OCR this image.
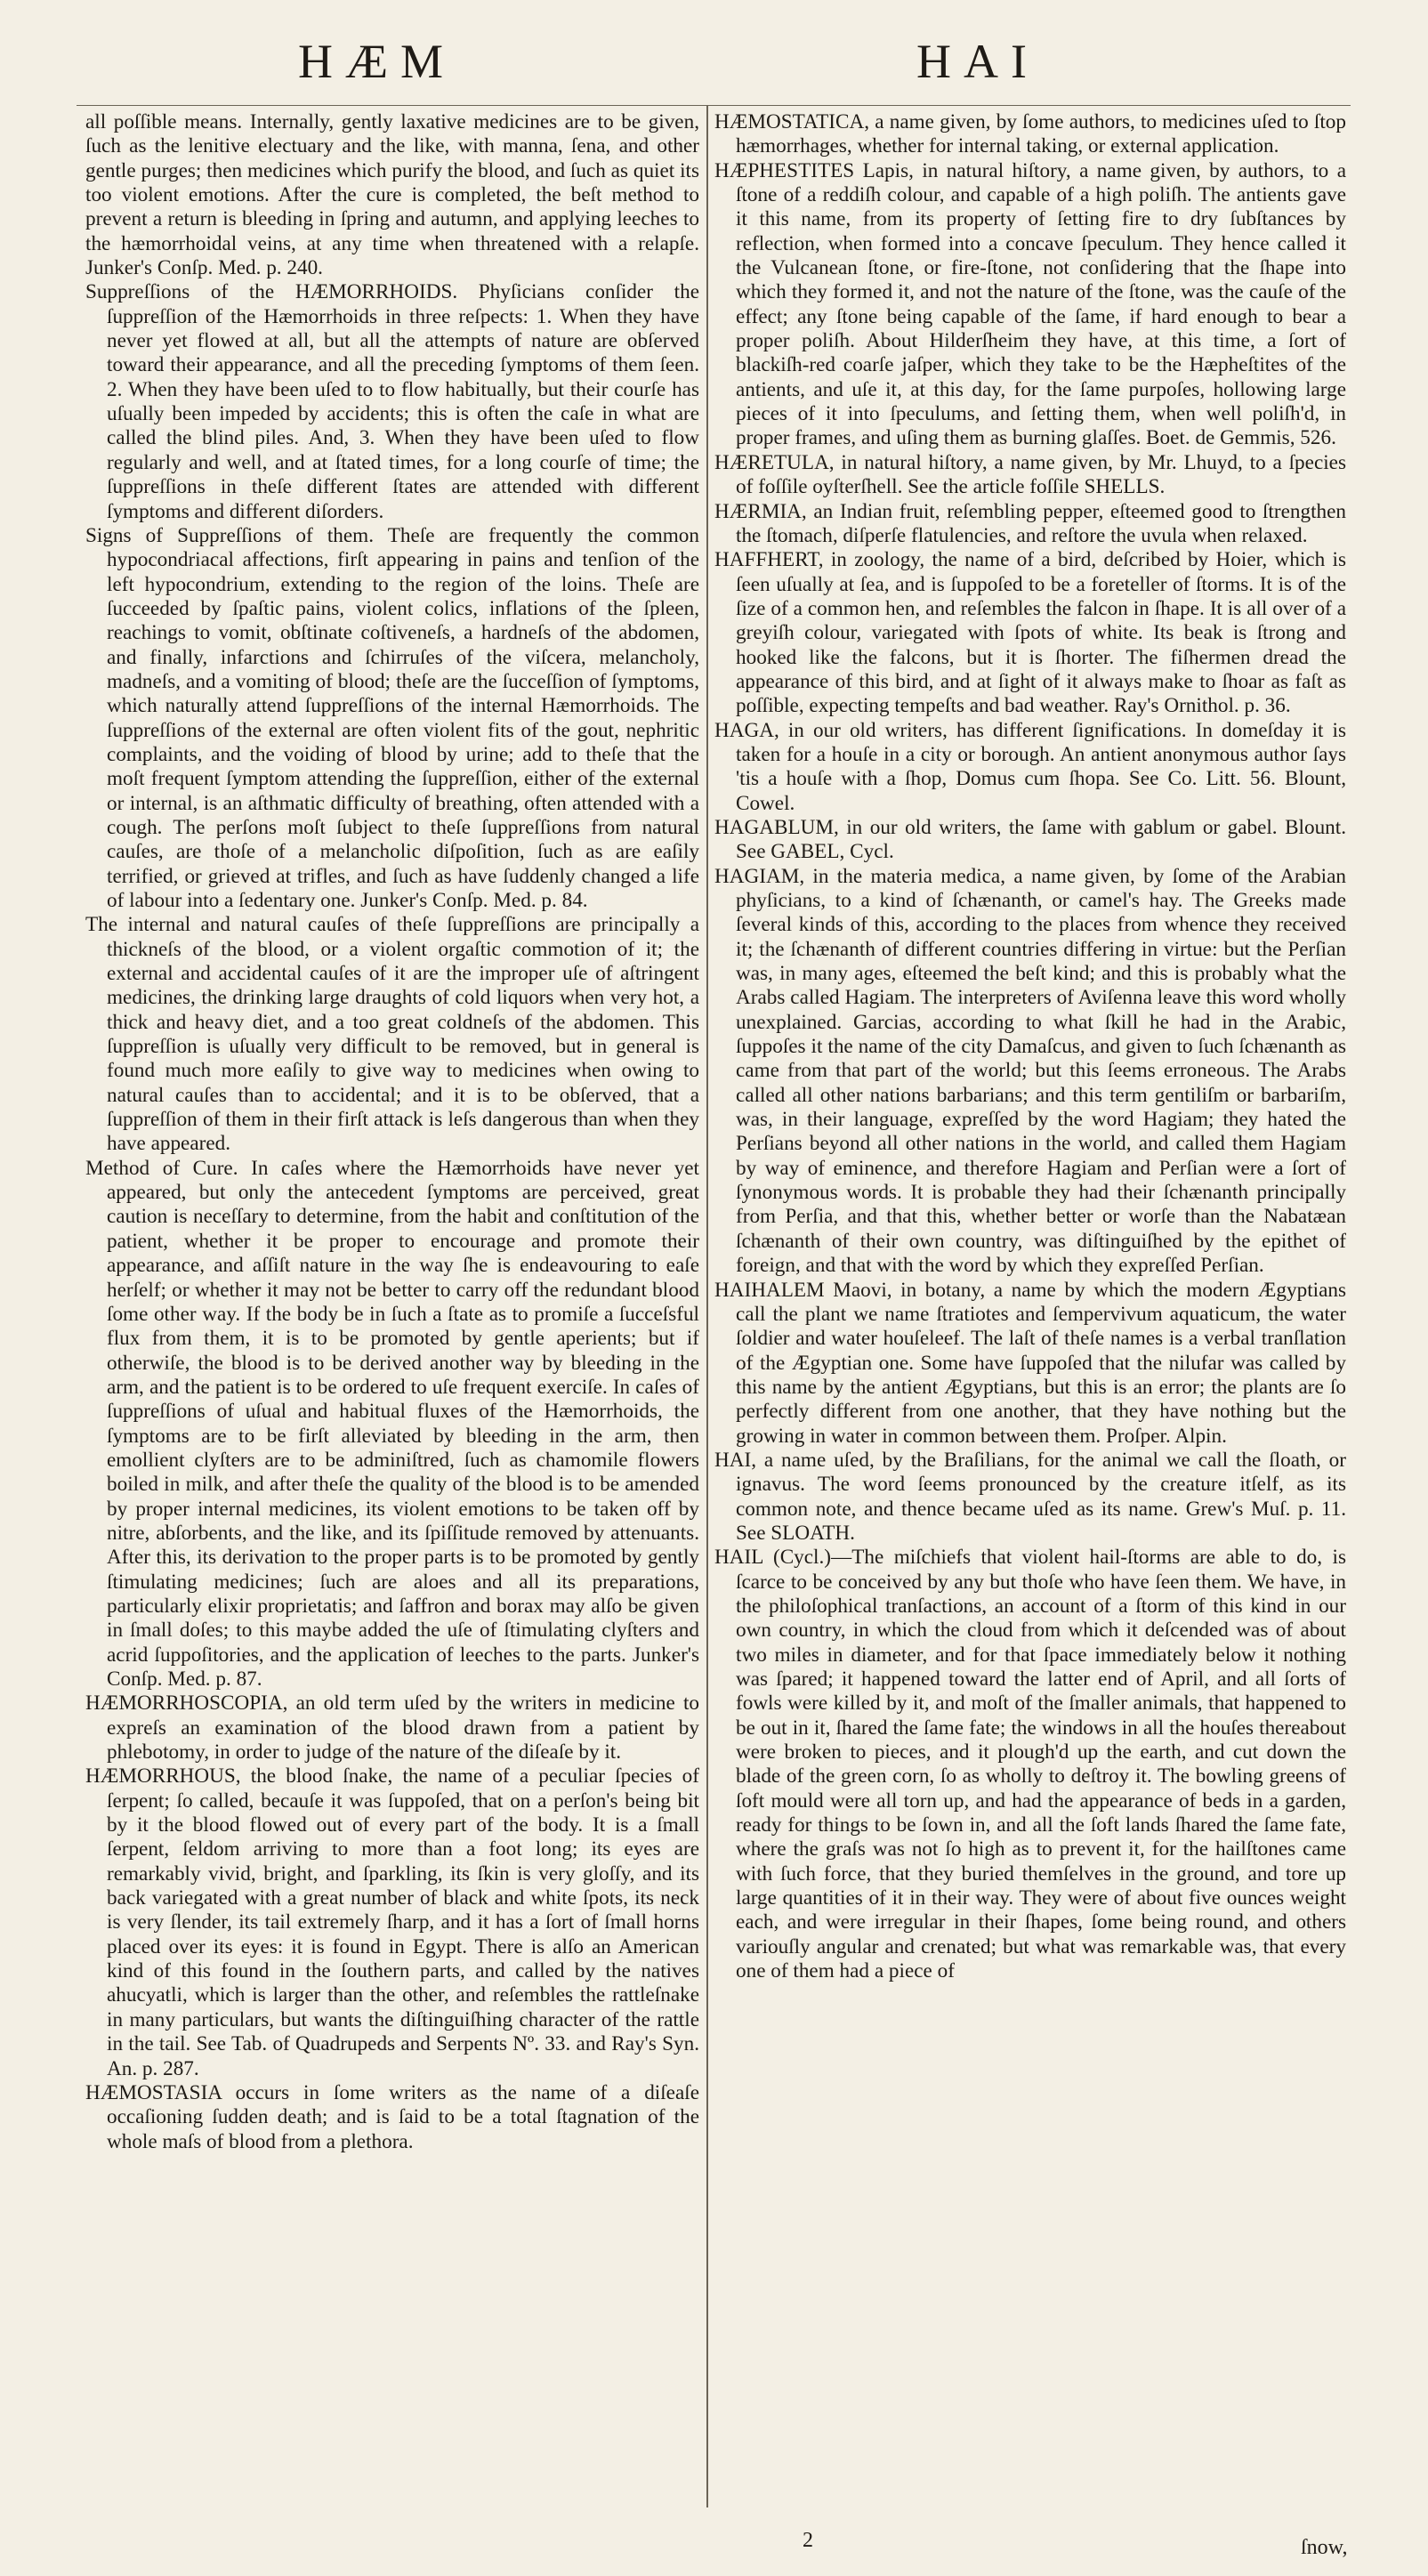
HÆM	HAI

all poſſible means. Internally, gently laxative medicines are to be given, ſuch as the lenitive electuary and the like, with manna, ſena, and other gentle purges; then medicines which purify the blood, and ſuch as quiet its too violent emotions. After the cure is completed, the beſt method to prevent a return is bleeding in ſpring and autumn, and applying leeches to the hæmorrhoidal veins, at any time when threatened with a relapſe. Junker's Conſp. Med. p. 240.

Suppreſſions of the HÆMORRHOIDS. Phyſicians conſider the ſuppreſſion of the Hæmorrhoids in three reſpects: 1. When they have never yet flowed at all, but all the attempts of nature are obſerved toward their appearance, and all the preceding ſymptoms of them ſeen. 2. When they have been uſed to to flow habitually, but their courſe has uſually been impeded by accidents; this is often the caſe in what are called the blind piles. And, 3. When they have been uſed to flow regularly and well, and at ſtated times, for a long courſe of time; the ſuppreſſions in theſe different ſtates are attended with different ſymptoms and different diſorders.

Signs of Suppreſſions of them. Theſe are frequently the common hypocondriacal affections, firſt appearing in pains and tenſion of the left hypocondrium, extending to the region of the loins. Theſe are ſucceeded by ſpaſtic pains, violent colics, inflations of the ſpleen, reachings to vomit, obſtinate coſtiveneſs, a hardneſs of the abdomen, and finally, infarctions and ſchirruſes of the viſcera, melancholy, madneſs, and a vomiting of blood; theſe are the ſucceſſion of ſymptoms, which naturally attend ſuppreſſions of the internal Hæmorrhoids. The ſuppreſſions of the external are often violent fits of the gout, nephritic complaints, and the voiding of blood by urine; add to theſe that the moſt frequent ſymptom attending the ſuppreſſion, either of the external or internal, is an aſthmatic difficulty of breathing, often attended with a cough. The perſons moſt ſubject to theſe ſuppreſſions from natural cauſes, are thoſe of a melancholic diſpoſition, ſuch as are eaſily terrified, or grieved at trifles, and ſuch as have ſuddenly changed a life of labour into a ſedentary one. Junker's Conſp. Med. p. 84.

The internal and natural cauſes of theſe ſuppreſſions are principally a thickneſs of the blood, or a violent orgaſtic commotion of it; the external and accidental cauſes of it are the improper uſe of aſtringent medicines, the drinking large draughts of cold liquors when very hot, a thick and heavy diet, and a too great coldneſs of the abdomen. This ſuppreſſion is uſually very difficult to be removed, but in general is found much more eaſily to give way to medicines when owing to natural cauſes than to accidental; and it is to be obſerved, that a ſuppreſſion of them in their firſt attack is leſs dangerous than when they have appeared.

Method of Cure. In caſes where the Hæmorrhoids have never yet appeared, but only the antecedent ſymptoms are perceived, great caution is neceſſary to determine, from the habit and conſtitution of the patient, whether it be proper to encourage and promote their appearance, and aſſiſt nature in the way ſhe is endeavouring to eaſe herſelf; or whether it may not be better to carry off the redundant blood ſome other way. If the body be in ſuch a ſtate as to promiſe a ſucceſsful flux from them, it is to be promoted by gentle aperients; but if otherwiſe, the blood is to be derived another way by bleeding in the arm, and the patient is to be ordered to uſe frequent exerciſe. In caſes of ſuppreſſions of uſual and habitual fluxes of the Hæmorrhoids, the ſymptoms are to be firſt alleviated by bleeding in the arm, then emollient clyſters are to be adminiſtred, ſuch as chamomile flowers boiled in milk, and after theſe the quality of the blood is to be amended by proper internal medicines, its violent emotions to be taken off by nitre, abſorbents, and the like, and its ſpiſſitude removed by attenuants. After this, its derivation to the proper parts is to be promoted by gently ſtimulating medicines; ſuch are aloes and all its preparations, particularly elixir proprietatis; and ſaffron and borax may alſo be given in ſmall doſes; to this maybe added the uſe of ſtimulating clyſters and acrid ſuppoſitories, and the application of leeches to the parts. Junker's Conſp. Med. p. 87.

HÆMORRHOSCOPIA, an old term uſed by the writers in medicine to expreſs an examination of the blood drawn from a patient by phlebotomy, in order to judge of the nature of the diſeaſe by it.

HÆMORRHOUS, the blood ſnake, the name of a peculiar ſpecies of ſerpent; ſo called, becauſe it was ſuppoſed, that on a perſon's being bit by it the blood flowed out of every part of the body. It is a ſmall ſerpent, ſeldom arriving to more than a foot long; its eyes are remarkably vivid, bright, and ſparkling, its ſkin is very gloſſy, and its back variegated with a great number of black and white ſpots, its neck is very ſlender, its tail extremely ſharp, and it has a ſort of ſmall horns placed over its eyes: it is found in Egypt. There is alſo an American kind of this found in the ſouthern parts, and called by the natives ahucyatli, which is larger than the other, and reſembles the rattleſnake in many particulars, but wants the diſtinguiſhing character of the rattle in the tail. See Tab. of Quadrupeds and Serpents Nº. 33. and Ray's Syn. An. p. 287.

HÆMOSTASIA occurs in ſome writers as the name of a diſeaſe occaſioning ſudden death; and is ſaid to be a total ſtagnation of the whole maſs of blood from a plethora.

HÆMOSTATICA, a name given, by ſome authors, to medicines uſed to ſtop hæmorrhages, whether for internal taking, or external application.

HÆPHESTITES Lapis, in natural hiſtory, a name given, by authors, to a ſtone of a reddiſh colour, and capable of a high poliſh. The antients gave it this name, from its property of ſetting fire to dry ſubſtances by reflection, when formed into a concave ſpeculum. They hence called it the Vulcanean ſtone, or fire-ſtone, not conſidering that the ſhape into which they formed it, and not the nature of the ſtone, was the cauſe of the effect; any ſtone being capable of the ſame, if hard enough to bear a proper poliſh. About Hilderſheim they have, at this time, a ſort of blackiſh-red coarſe jaſper, which they take to be the Hæpheſtites of the antients, and uſe it, at this day, for the ſame purpoſes, hollowing large pieces of it into ſpeculums, and ſetting them, when well poliſh'd, in proper frames, and uſing them as burning glaſſes. Boet. de Gemmis, 526.

HÆRETULA, in natural hiſtory, a name given, by Mr. Lhuyd, to a ſpecies of foſſile oyſterſhell. See the article foſſile SHELLS.

HÆRMIA, an Indian fruit, reſembling pepper, eſteemed good to ſtrengthen the ſtomach, diſperſe flatulencies, and reſtore the uvula when relaxed.

HAFFHERT, in zoology, the name of a bird, deſcribed by Hoier, which is ſeen uſually at ſea, and is ſuppoſed to be a foreteller of ſtorms. It is of the ſize of a common hen, and reſembles the falcon in ſhape. It is all over of a greyiſh colour, variegated with ſpots of white. Its beak is ſtrong and hooked like the falcons, but it is ſhorter. The fiſhermen dread the appearance of this bird, and at ſight of it always make to ſhoar as faſt as poſſible, expecting tempeſts and bad weather. Ray's Ornithol. p. 36.

HAGA, in our old writers, has different ſignifications. In domeſday it is taken for a houſe in a city or borough. An antient anonymous author ſays 'tis a houſe with a ſhop, Domus cum ſhopa. See Co. Litt. 56. Blount, Cowel.

HAGABLUM, in our old writers, the ſame with gablum or gabel. Blount. See GABEL, Cycl.

HAGIAM, in the materia medica, a name given, by ſome of the Arabian phyſicians, to a kind of ſchænanth, or camel's hay. The Greeks made ſeveral kinds of this, according to the places from whence they received it; the ſchænanth of different countries differing in virtue: but the Perſian was, in many ages, eſteemed the beſt kind; and this is probably what the Arabs called Hagiam. The interpreters of Aviſenna leave this word wholly unexplained. Garcias, according to what ſkill he had in the Arabic, ſuppoſes it the name of the city Damaſcus, and given to ſuch ſchænanth as came from that part of the world; but this ſeems erroneous. The Arabs called all other nations barbarians; and this term gentiliſm or barbariſm, was, in their language, expreſſed by the word Hagiam; they hated the Perſians beyond all other nations in the world, and called them Hagiam by way of eminence, and therefore Hagiam and Perſian were a ſort of ſynonymous words. It is probable they had their ſchænanth principally from Perſia, and that this, whether better or worſe than the Nabatæan ſchænanth of their own country, was diſtinguiſhed by the epithet of foreign, and that with the word by which they expreſſed Perſian.

HAIHALEM Maovi, in botany, a name by which the modern Ægyptians call the plant we name ſtratiotes and ſempervivum aquaticum, the water ſoldier and water houſeleef. The laſt of theſe names is a verbal tranſlation of the Ægyptian one. Some have ſuppoſed that the nilufar was called by this name by the antient Ægyptians, but this is an error; the plants are ſo perfectly different from one another, that they have nothing but the growing in water in common between them. Proſper. Alpin.

HAI, a name uſed, by the Braſilians, for the animal we call the ſloath, or ignavus. The word ſeems pronounced by the creature itſelf, as its common note, and thence became uſed as its name. Grew's Muſ. p. 11. See SLOATH.

HAIL (Cycl.)—The miſchiefs that violent hail-ſtorms are able to do, is ſcarce to be conceived by any but thoſe who have ſeen them. We have, in the philoſophical tranſactions, an account of a ſtorm of this kind in our own country, in which the cloud from which it deſcended was of about two miles in diameter, and for that ſpace immediately below it nothing was ſpared; it happened toward the latter end of April, and all ſorts of fowls were killed by it, and moſt of the ſmaller animals, that happened to be out in it, ſhared the ſame fate; the windows in all the houſes thereabout were broken to pieces, and it plough'd up the earth, and cut down the blade of the green corn, ſo as wholly to deſtroy it. The bowling greens of ſoft mould were all torn up, and had the appearance of beds in a garden, ready for things to be ſown in, and all the ſoft lands ſhared the ſame fate, where the graſs was not ſo high as to prevent it, for the hailſtones came with ſuch force, that they buried themſelves in the ground, and tore up large quantities of it in their way. They were of about five ounces weight each, and were irregular in their ſhapes, ſome being round, and others variouſly angular and crenated; but what was remarkable was, that every one of them had a piece of

2	ſnow,
